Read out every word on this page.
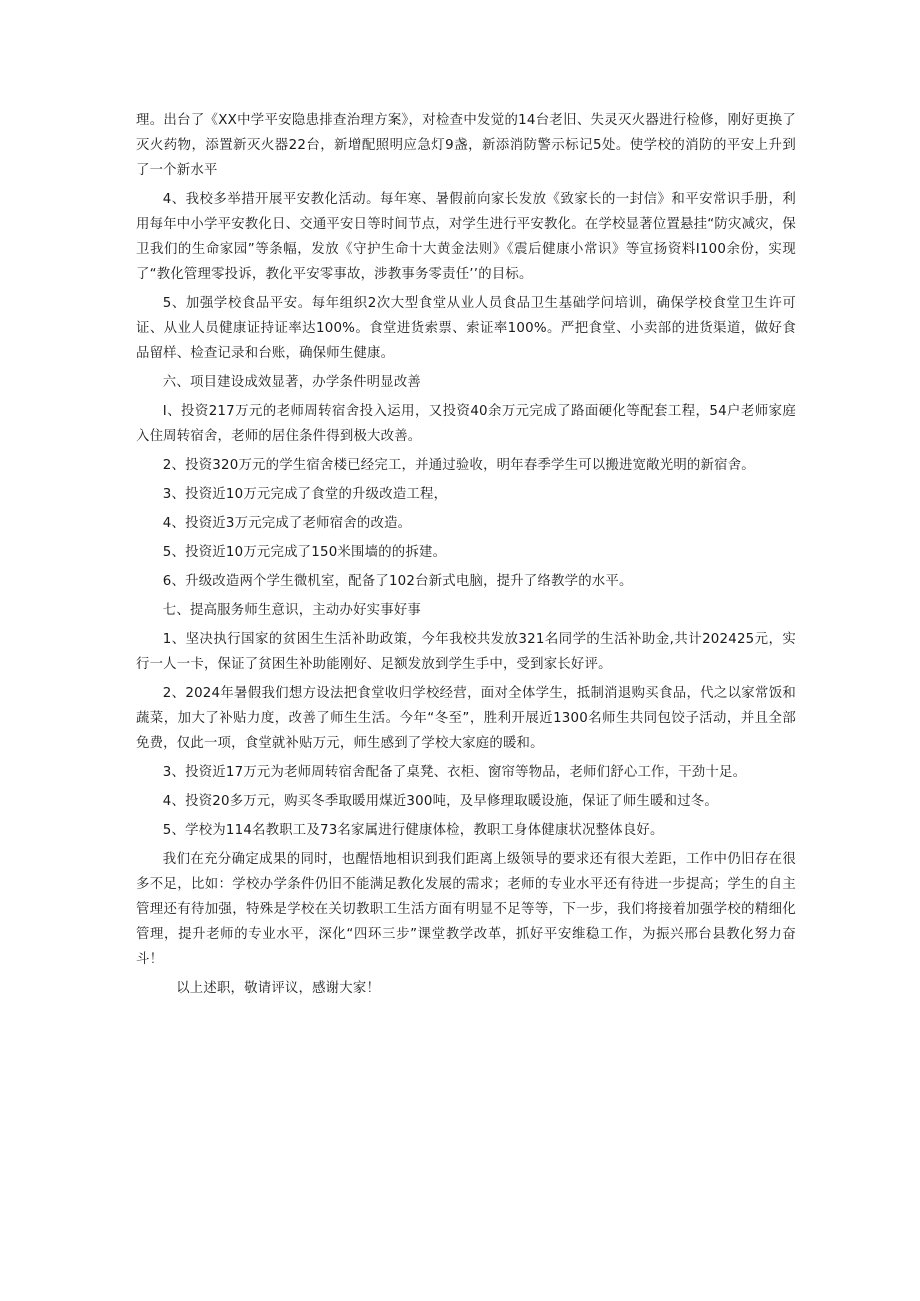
理。出台了《XX中学平安隐患排查治理方案》，对检查中发觉的14台老旧、失灵灭火器进行检修，刚好更换了灭火药物，添置新灭火器22台，新增配照明应急灯9盏，新添消防警示标记5处。使学校的消防的平安上升到了一个新水平

4、我校多举措开展平安教化活动。每年寒、暑假前向家长发放《致家长的一封信》和平安常识手册，利用每年中小学平安教化日、交通平安日等时间节点，对学生进行平安教化。在学校显著位置悬挂“防灾减灾，保卫我们的生命家园”等条幅，发放《守护生命十大黄金法则》《震后健康小常识》等宣扬资料I100余份，实现了“教化管理零投诉，教化平安零事故，涉教事务零责任’’的目标。

5、加强学校食品平安。每年组织2次大型食堂从业人员食品卫生基础学问培训，确保学校食堂卫生许可证、从业人员健康证持证率达100%。食堂进货索票、索证率100%。严把食堂、小卖部的进货渠道，做好食品留样、检查记录和台账，确保师生健康。

六、项目建设成效显著，办学条件明显改善

I、投资217万元的老师周转宿舍投入运用，又投资40余万元完成了路面硬化等配套工程，54户老师家庭入住周转宿舍，老师的居住条件得到极大改善。

2、投资320万元的学生宿舍楼已经完工，并通过验收，明年春季学生可以搬进宽敞光明的新宿舍。

3、投资近10万元完成了食堂的升级改造工程，

4、投资近3万元完成了老师宿舍的改造。

5、投资近10万元完成了150米围墙的的拆建。

6、升级改造两个学生微机室，配备了102台新式电脑，提升了络教学的水平。

七、提高服务师生意识，主动办好实事好事

1、坚决执行国家的贫困生生活补助政策，今年我校共发放321名同学的生活补助金,共计202425元，实行一人一卡，保证了贫困生补助能刚好、足额发放到学生手中，受到家长好评。

2、2024年暑假我们想方设法把食堂收归学校经营，面对全体学生，抵制消退购买食品，代之以家常饭和蔬菜，加大了补贴力度，改善了师生生活。今年“冬至”，胜利开展近1300名师生共同包饺子活动，并且全部免费，仅此一项，食堂就补贴万元，师生感到了学校大家庭的暖和。

3、投资近17万元为老师周转宿舍配备了桌凳、衣柜、窗帘等物品，老师们舒心工作，干劲十足。

4、投资20多万元，购买冬季取暖用煤近300吨，及早修理取暖设施，保证了师生暖和过冬。

5、学校为114名教职工及73名家属进行健康体检，教职工身体健康状况整体良好。

我们在充分确定成果的同时，也醒悟地相识到我们距离上级领导的要求还有很大差距，工作中仍旧存在很多不足，比如：学校办学条件仍旧不能满足教化发展的需求；老师的专业水平还有待进一步提高；学生的自主管理还有待加强，特殊是学校在关切教职工生活方面有明显不足等等，下一步，我们将接着加强学校的精细化管理，提升老师的专业水平，深化“四环三步”课堂教学改革，抓好平安维稳工作，为振兴邢台县教化努力奋斗！

以上述职，敬请评议，感谢大家！
